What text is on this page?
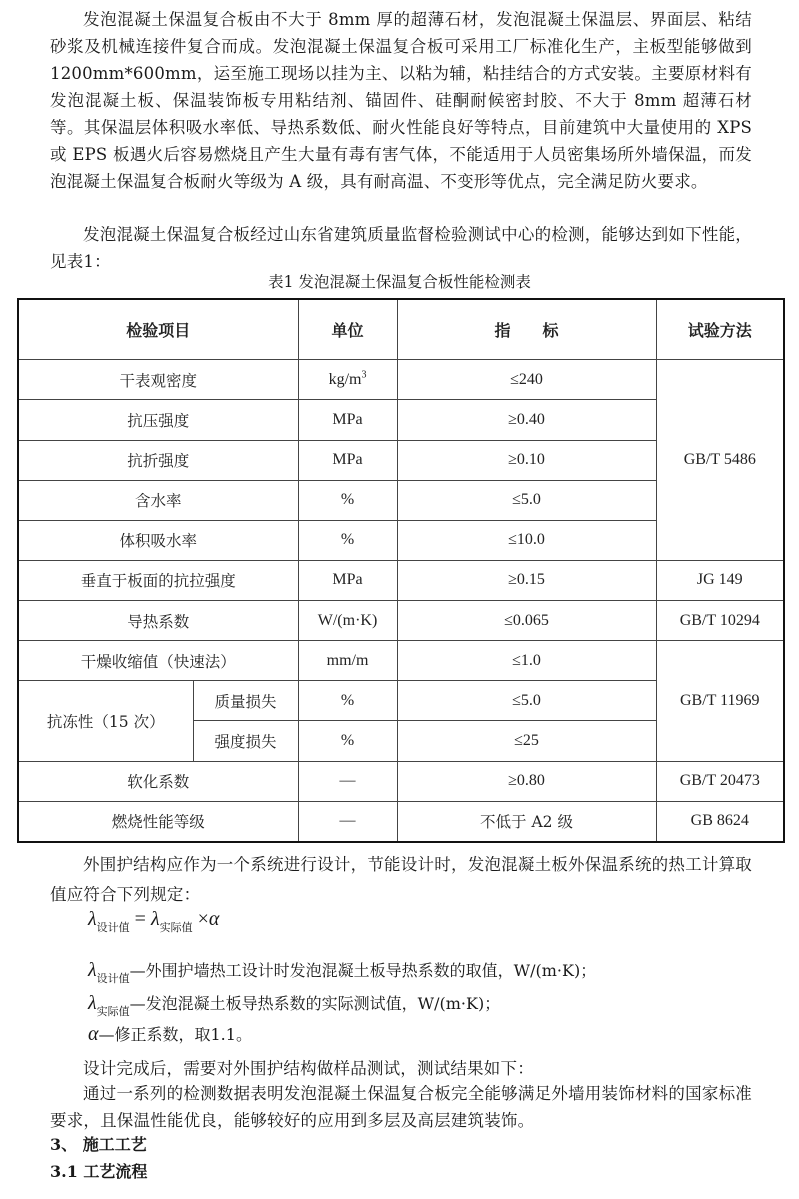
发泡混凝土保温复合板由不大于 8mm 厚的超薄石材，发泡混凝土保温层、界面层、粘结砂浆及机械连接件复合而成。发泡混凝土保温复合板可采用工厂标准化生产，主板型能够做到 1200mm*600mm，运至施工现场以挂为主、以粘为辅，粘挂结合的方式安装。主要原材料有发泡混凝土板、保温装饰板专用粘结剂、锚固件、硅酮耐候密封胶、不大于 8mm 超薄石材等。其保温层体积吸水率低、导热系数低、耐火性能良好等特点，目前建筑中大量使用的 XPS 或 EPS 板遇火后容易燃烧且产生大量有毒有害气体，不能适用于人员密集场所外墙保温，而发泡混凝土保温复合板耐火等级为 A 级，具有耐高温、不变形等优点，完全满足防火要求。
发泡混凝土保温复合板经过山东省建筑质量监督检验测试中心的检测，能够达到如下性能，见表1：
表1 发泡混凝土保温复合板性能检测表
检验项目		单位	指　　标	试验方法
干表观密度		$kg/m^3$	≤240	GB/T 5486
抗压强度		MPa	≥0.40	
抗折强度		MPa	≥0.10	
含水率		%	≤5.0	
体积吸水率		%	≤10.0	
垂直于板面的抗拉强度		MPa	≥0.15	JG 149
导热系数		W/(m·K)	≤0.065	GB/T 10294
干燥收缩值（快速法）		mm/m	≤1.0	GB/T 11969
抗冻性（15 次）	质量损失	%	≤5.0	
	强度损失	%	≤25	
软化系数		—	≥0.80	GB/T 20473
燃烧性能等级		—	不低于 A2 级	GB 8624
外围护结构应作为一个系统进行设计，节能设计时，发泡混凝土板外保温系统的热工计算取值应符合下列规定：
$\lambda_{设计值} = \lambda_{实际值} \times\alpha$
$\lambda_{设计值}—$外围护墙热工设计时发泡混凝土板导热系数的取值，W/(m·K)；
$\lambda_{实际值}—$发泡混凝土板导热系数的实际测试值，W/(m·K)；
α—修正系数，取1.1。
设计完成后，需要对外围护结构做样品测试，测试结果如下：
通过一系列的检测数据表明发泡混凝土保温复合板完全能够满足外墙用装饰材料的国家标准要求，且保温性能优良，能够较好的应用到多层及高层建筑装饰。
3、 施工工艺
3.1 工艺流程
